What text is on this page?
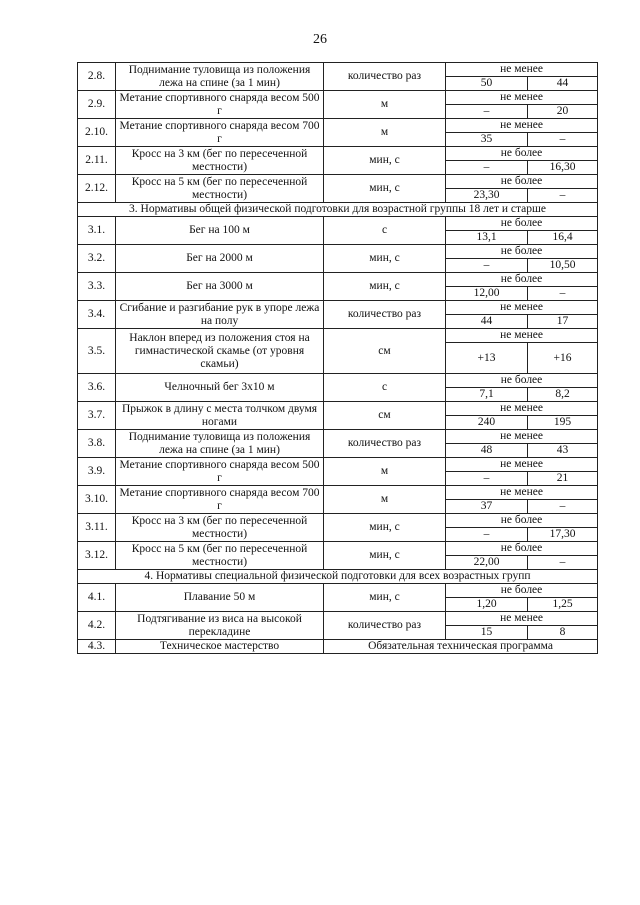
26
2.8.	Поднимание туловища из положения лежа на спине (за 1 мин)	количество раз	не менее	
			50	44
2.9.	Метание спортивного снаряда весом 500 г	м	не менее	
			–	20
2.10.	Метание спортивного снаряда весом 700 г	м	не менее	
			35	–
2.11.	Кросс на 3 км (бег по пересеченной местности)	мин, с	не более	
			–	16,30
2.12.	Кросс на 5 км (бег по пересеченной местности)	мин, с	не более	
			23,30	–
3. Нормативы общей физической подготовки для возрастной группы 18 лет и старше				
3.1.	Бег на 100 м	с	не более	
			13,1	16,4
3.2.	Бег на 2000 м	мин, с	не более	
			–	10,50
3.3.	Бег на 3000 м	мин, с	не более	
			12,00	–
3.4.	Сгибание и разгибание рук в упоре лежа на полу	количество раз	не менее	
			44	17
3.5.	Наклон вперед из положения стоя на гимнастической скамье (от уровня скамьи)	см	не менее	
			+13	+16
3.6.	Челночный бег 3х10 м	с	не более	
			7,1	8,2
3.7.	Прыжок в длину с места толчком двумя ногами	см	не менее	
			240	195
3.8.	Поднимание туловища из положения лежа на спине (за 1 мин)	количество раз	не менее	
			48	43
3.9.	Метание спортивного снаряда весом 500 г	м	не менее	
			–	21
3.10.	Метание спортивного снаряда весом 700 г	м	не менее	
			37	–
3.11.	Кросс на 3 км (бег по пересеченной местности)	мин, с	не более	
			–	17,30
3.12.	Кросс на 5 км (бег по пересеченной местности)	мин, с	не более	
			22,00	–
4. Нормативы специальной физической подготовки для всех возрастных групп				
4.1.	Плавание 50 м	мин, с	не более	
			1,20	1,25
4.2.	Подтягивание из виса на высокой перекладине	количество раз	не менее	
			15	8
4.3.	Техническое мастерство	Обязательная техническая программа		
